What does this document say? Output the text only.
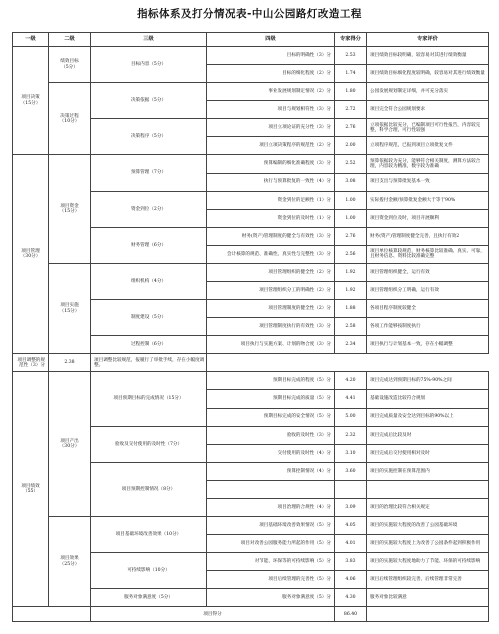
指标体系及打分情况表-中山公园路灯改造工程
一级	二级	三级	四级	专家得分	专家评价
项目决策
（15分）	绩效目标
（5分）	目标内容（5分）	目标的明确性（3）分	2.53	项目绩效目标较明确，较容易对其进行绩效衡量
			目标的细化程度（2）分	1.74	项目绩效目标细化程度较明确，较容易对其进行绩效衡量
	决策过程
（10分）	决策依据（5分）	事业发展规划制定情况（2）分	1.80	公园发展规划制定详细，并可充分落实
			项目与规划相符性（3）分	2.72	项目完全符合公园规划要求
		决策程序（5分）	项目立项论证的充分性（3）分	2.76	立项依据比较充分，已编制项目可行性报告，内容较完整，科学合理，可行性较强
			项目立项决策程序的规范性（2）分	2.00	立项程序规范，已报到项目立项批复文件
项目管理
（30分）	项目资金
（15分）	预算管理（7分）	预算编制的细化准确程度（3）分	2.52	预算依据较为充分，能够符合相关制度，测算方法较合理，内容较为精准，数字较为准确
			执行与预算批复的一致性（4）分	3.08	项目支出与预算批复基本一致
		资金到位（2分）	资金到位的足额性（1）分	1.00	实际拨付金额/预算批复金额大于等于90%
			资金到位的及时性（1）分	1.00	项目资金到位及时，项目开展顺利
		财务管理（6分）	财务(资产)管理制度的健全与有效性（3）分	2.76	财务(资产)管理制度健全完善，且执行有效2
			会计核算的规范、准确性、真实性与完整性（3）分	2.56	项目单位核算较规范，财务核算比较准确、真实、可靠，且财务信息、资料比较准确完整
	项目实施
（15分）	组织机构（4分）	项目管理组织的健全性（2）分	1.92	项目管理组织健全，运行有效
			项目管理组织分工的明确性（2）分	1.92	项目管理组织分工明确，运行有效
		制度建设（5分）	项目管理制度的健全性（2）分	1.88	各项目程序制度较健全
			项目管理制度执行的有效性（3）分	2.58	各项工作能够按制度执行
		过程控制（6分）	项目执行与实施方案、计划的吻合度（3）分	2.34	项目执行与计划基本一致，存在小幅调整
项目调整的规范性（3）分	2.38	项目调整比较规范，报履行了审批手续，存在小幅度调整。			
项目绩效
（55）	项目产出
（30分）	项目预期目标的完成情况（15分）	预期目标完成的程度（5）分	4.20	项目完成达到预期目标的75%-90%之间
			预期目标完成的质量（5）分	4.41	基础设施改造比较符合规划
			预期目标完成的安全情况（5）分	5.00	项目完成质量及安全达到目标的90%以上
		验收及交付使用的及时性（7分）	验收的及时性（3）分	2.32	项目完成后比较及时
			交付使用的及时性（4）分	3.10	项目完成后交付使用相对及时
		项目预期控制情况（8分）	预算控制情况（4）分	3.60	项目的实施控制在预算范围内

			项目治理的合规性（4）分	3.09	项目的治理比较符合相关规定
	项目效果
（25分）	项目基础环境改善效果（10分）	项目基础环境改善效果情况（5）分	4.05	项目的实施较大程度的改善了公园基础环境
			项目对改善公园服务能力所起的作用（5）分	4.01	项目的实施较大程度上为改善了公园条件起到积极作用
		可持续影响（10分）	对节能、环保等的可持续影响（5）分	3.83	项目的实施较大程度地助力了节能、环保的可持续影响
			项目后续管理的完善性（5）分	4.06	项目后续管理组织较完善，后续管理非常完善
		服务对象满意度（5分）	服务对象满意度（5）分	4.30	服务对象比较满意
		项目得分		86.40	
